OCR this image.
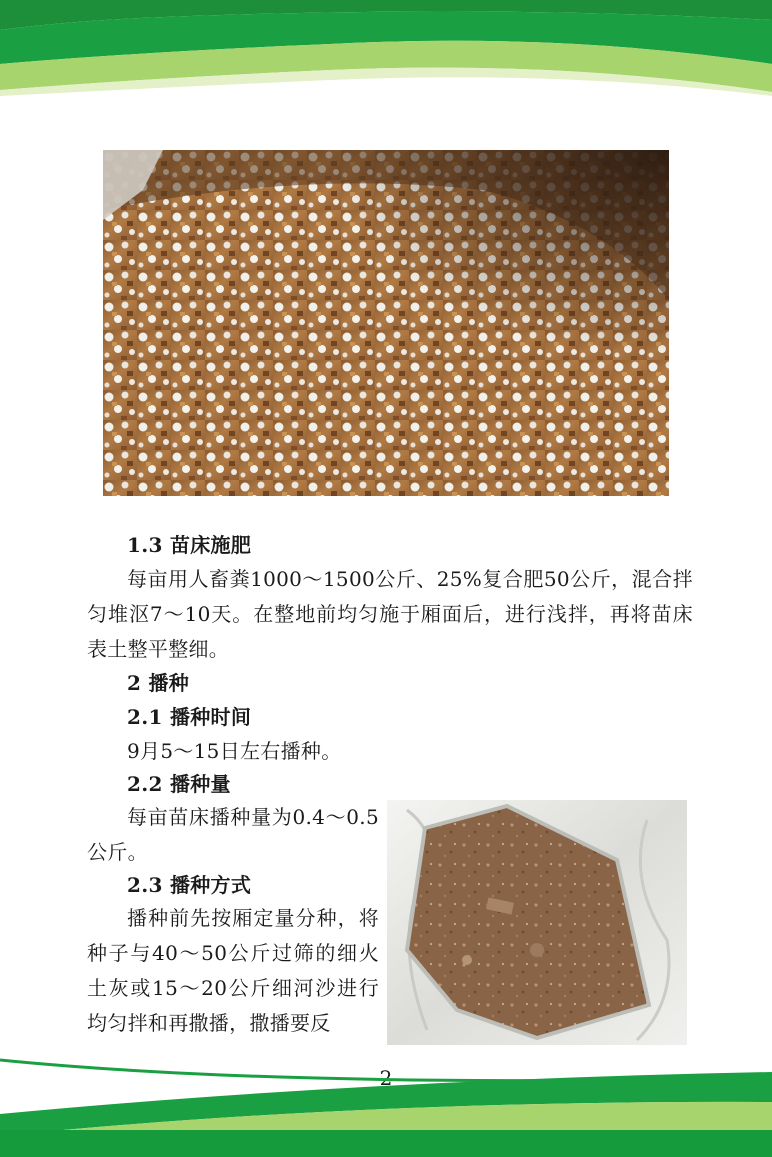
1.3 苗床施肥
每亩用人畜粪1000～1500公斤、25%复合肥50公斤，混合拌匀堆沤7～10天。在整地前均匀施于厢面后，进行浅拌，再将苗床表土整平整细。
2 播种
2.1 播种时间
9月5～15日左右播种。
2.2 播种量
每亩苗床播种量为0.4～0.5公斤。
2.3 播种方式
播种前先按厢定量分种，将种子与40～50公斤过筛的细火土灰或15～20公斤细河沙进行均匀拌和再撒播，撒播要反
–2–
